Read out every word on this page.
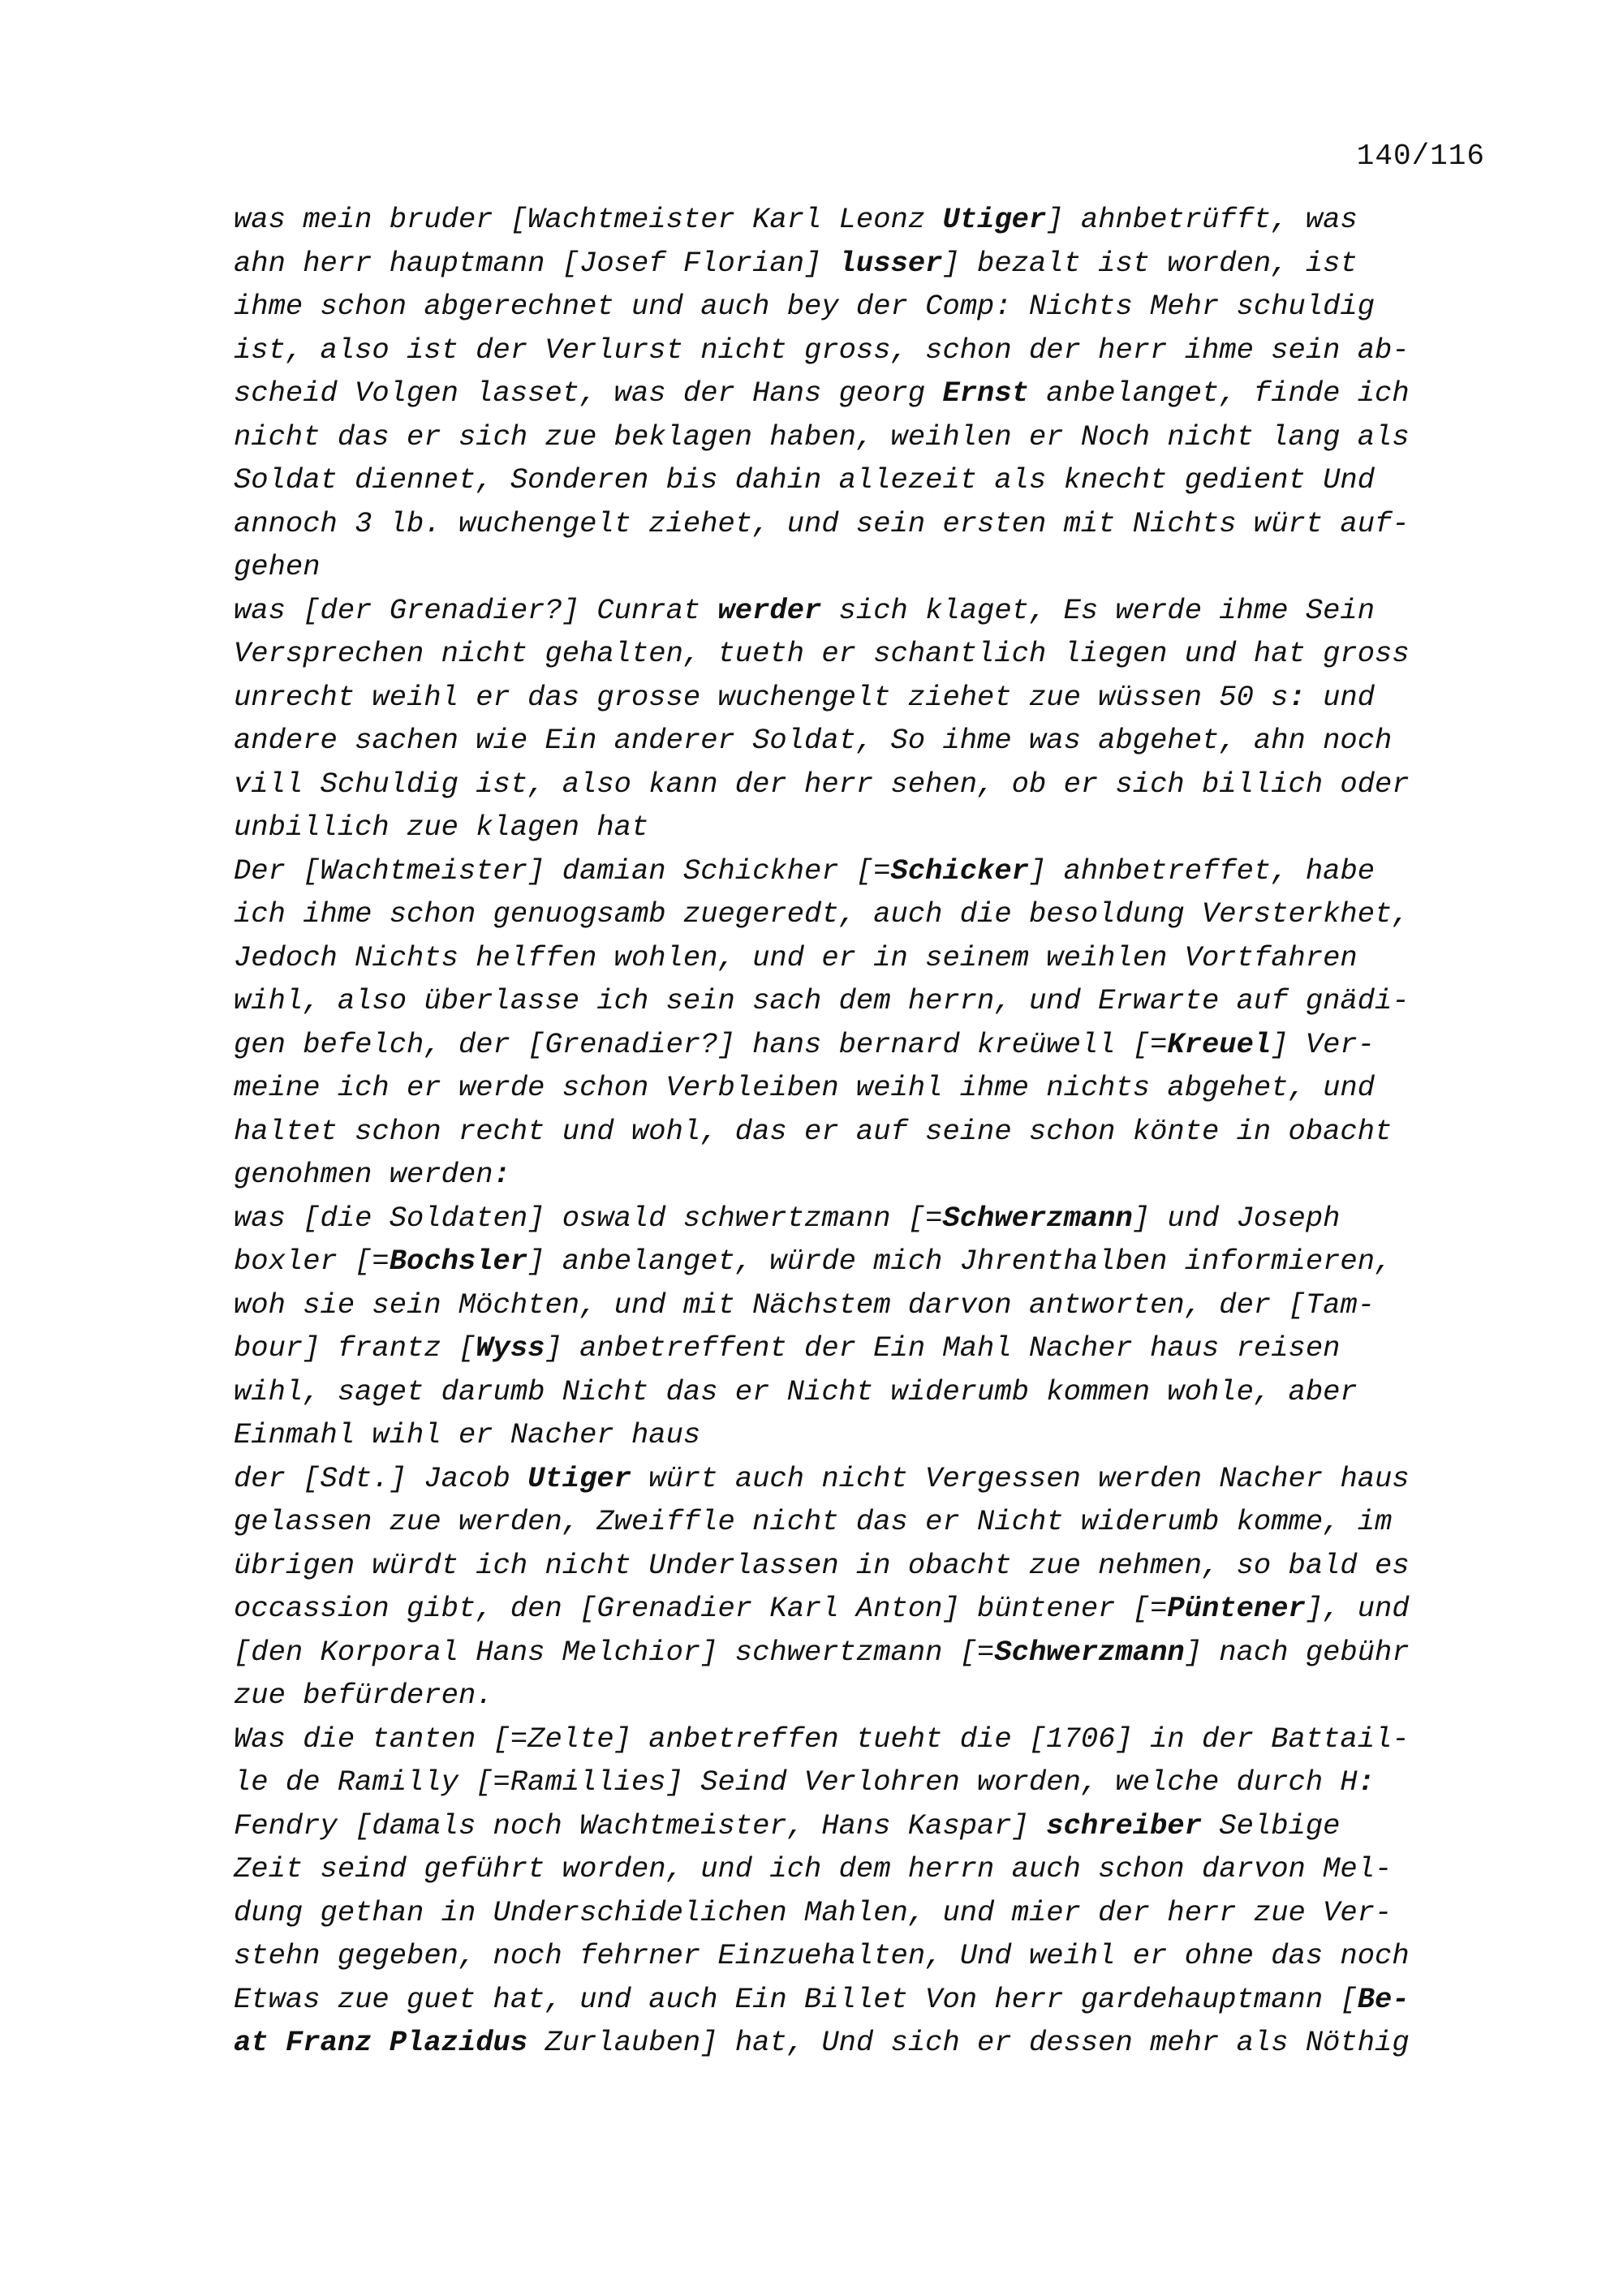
140/116
was mein bruder [Wachtmeister Karl Leonz Utiger] ahnbetrüfft, was
ahn herr hauptmann [Josef Florian] lusser] bezalt ist worden, ist
ihme schon abgerechnet und auch bey der Comp: Nichts Mehr schuldig
ist, also ist der Verlurst nicht gross, schon der herr ihme sein ab-
scheid Volgen lasset, was der Hans georg Ernst anbelanget, finde ich
nicht das er sich zue beklagen haben, weihlen er Noch nicht lang als
Soldat diennet, Sonderen bis dahin allezeit als knecht gedient Und
annoch 3 lb. wuchengelt ziehet, und sein ersten mit Nichts würt auf-
gehen
was [der Grenadier?] Cunrat werder sich klaget, Es werde ihme Sein
Versprechen nicht gehalten, tueth er schantlich liegen und hat gross
unrecht weihl er das grosse wuchengelt ziehet zue wüssen 50 s: und
andere sachen wie Ein anderer Soldat, So ihme was abgehet, ahn noch
vill Schuldig ist, also kann der herr sehen, ob er sich billich oder
unbillich zue klagen hat
Der [Wachtmeister] damian Schickher [=Schicker] ahnbetreffet, habe
ich ihme schon genuogsamb zuegeredt, auch die besoldung Versterkhet,
Jedoch Nichts helffen wohlen, und er in seinem weihlen Vortfahren
wihl, also überlasse ich sein sach dem herrn, und Erwarte auf gnädi-
gen befelch, der [Grenadier?] hans bernard kreüwell [=Kreuel] Ver-
meine ich er werde schon Verbleiben weihl ihme nichts abgehet, und
haltet schon recht und wohl, das er auf seine schon könte in obacht
genohmen werden:
was [die Soldaten] oswald schwertzmann [=Schwerzmann] und Joseph
boxler [=Bochsler] anbelanget, würde mich Jhrenthalben informieren,
woh sie sein Möchten, und mit Nächstem darvon antworten, der [Tam-
bour] frantz [Wyss] anbetreffent der Ein Mahl Nacher haus reisen
wihl, saget darumb Nicht das er Nicht widerumb kommen wohle, aber
Einmahl wihl er Nacher haus
der [Sdt.] Jacob Utiger würt auch nicht Vergessen werden Nacher haus
gelassen zue werden, Zweiffle nicht das er Nicht widerumb komme, im
übrigen würdt ich nicht Underlassen in obacht zue nehmen, so bald es
occassion gibt, den [Grenadier Karl Anton] büntener [=Püntener], und
[den Korporal Hans Melchior] schwertzmann [=Schwerzmann] nach gebühr
zue befürderen.
Was die tanten [=Zelte] anbetreffen tueht die [1706] in der Battail-
le de Ramilly [=Ramillies] Seind Verlohren worden, welche durch H:
Fendry [damals noch Wachtmeister, Hans Kaspar] schreiber Selbige
Zeit seind geführt worden, und ich dem herrn auch schon darvon Mel-
dung gethan in Underschidelichen Mahlen, und mier der herr zue Ver-
stehn gegeben, noch fehrner Einzuehalten, Und weihl er ohne das noch
Etwas zue guet hat, und auch Ein Billet Von herr gardehauptmann [Be-
at Franz Plazidus Zurlauben] hat, Und sich er dessen mehr als Nöthig
